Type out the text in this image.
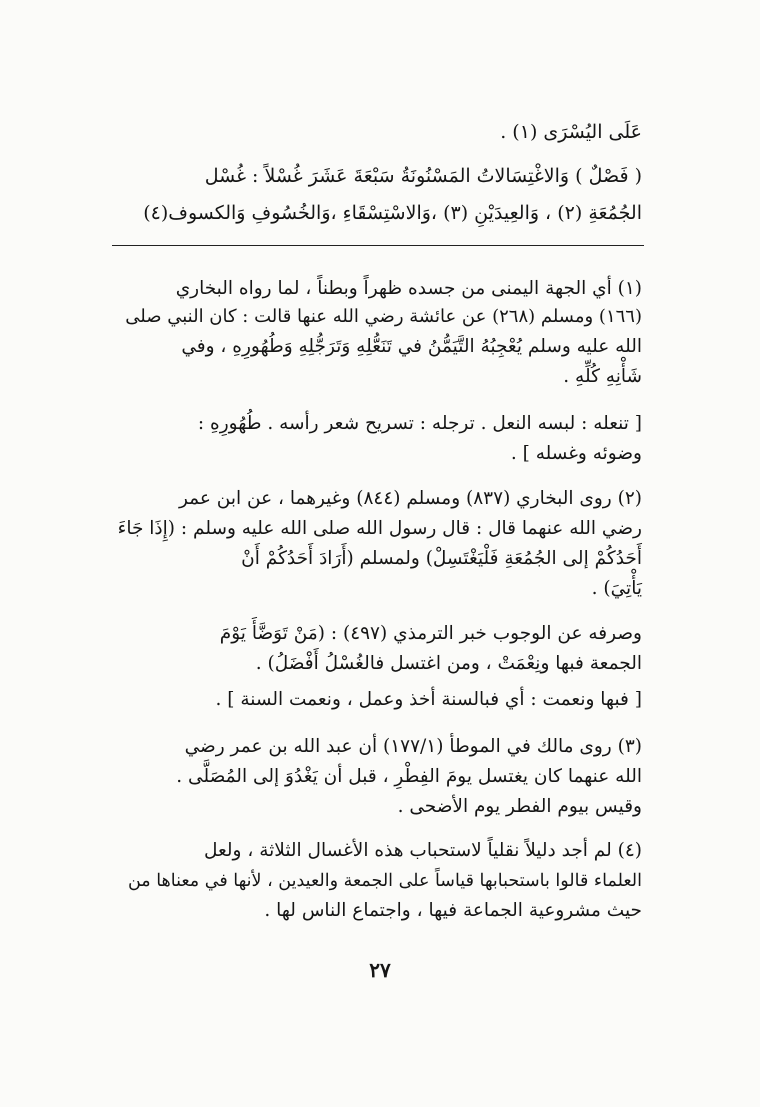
عَلَى اليُسْرَى (١) .
( فَصْلٌ ) وَالاغْتِسَالاتُ المَسْنُونَةُ سَبْعَةَ عَشَرَ غُسْلاً : غُسْل
الجُمُعَةِ (٢) ، وَالعِيدَيْنِ (٣) ،وَالاسْتِسْقَاءِ ،وَالخُسُوفِ وَالكسوف(٤)
(١) أي الجهة اليمنى من جسده ظهراً وبطناً ، لما رواه البخاري
(١٦٦) ومسلم (٢٦٨) عن عائشة رضي الله عنها قالت : كان النبي صلى
الله عليه وسلم يُعْجِبُهُ التَّيَمُّنُ في تَنَعُّلِهِ وَتَرَجُّلِهِ وَطُهُورِهِ ، وفي
شَأْنِهِ كُلِّهِ .
[ تنعله : لبسه النعل . ترجله : تسريح شعر رأسه . طُهُورِهِ :
وضوئه وغسله ] .
(٢) روى البخاري (٨٣٧) ومسلم (٨٤٤) وغيرهما ، عن ابن عمر
رضي الله عنهما قال : قال رسول الله صلى الله عليه وسلم : (إِذَا جَاءَ
أَحَدُكُمْ إلى الجُمُعَةِ فَلْيَغْتَسِلْ) ولمسلم (أَرَادَ أَحَدُكُمْ أَنْ
يَأْتِيَ) .
وصرفه عن الوجوب خبر الترمذي (٤٩٧) : (مَنْ تَوَضَّأَ يَوْمَ
الجمعة فبها ونِعْمَتْ ، ومن اغتسل فالغُسْلُ أَفْضَلُ) .
[ فبها ونعمت : أي فبالسنة أخذ وعمل ، ونعمت السنة ] .
(٣) روى مالك في الموطأ (١٧٧/١) أن عبد الله بن عمر رضي
الله عنهما كان يغتسل يومَ الفِطْرِ ، قبل أن يَغْدُوَ إلى المُصَلَّى .
وقيس بيوم الفطر يوم الأضحى .
(٤) لم أجد دليلاً نقلياً لاستحباب هذه الأغسال الثلاثة ، ولعل
العلماء قالوا باستحبابها قياساً على الجمعة والعيدين ، لأنها في معناها من
حيث مشروعية الجماعة فيها ، واجتماع الناس لها .
٢٧
